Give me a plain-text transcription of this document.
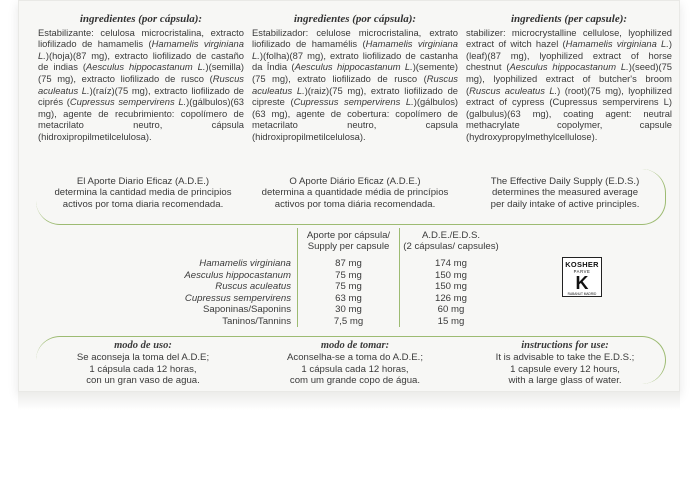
ingredientes (por cápsula):
Estabilizante: celulosa microcristalina, extracto liofilizado de hamamelis (Hamamelis virginiana L.)(hoja)(87 mg), extracto liofilizado de castaño de indias (Aesculus hippocastanum L.)(semilla)(75 mg), extracto liofilizado de rusco (Ruscus aculeatus L.)(raíz)(75 mg), extracto liofilizado de ciprés (Cupressus sempervirens L.)(gálbulos)(63 mg), agente de recubrimiento: copolímero de metacrilato neutro, cápsula (hidroxipropilmetilcelulosa).
ingredientes (por cápsula):
Estabilizador: celulose microcristalina, extrato liofilizado de hamamélis (Hamamelis virginiana L.)(folha)(87 mg), extrato liofilizado de castanha da Índia (Aesculus hippocastanum L.)(semente)(75 mg), extrato liofilizado de rusco (Ruscus aculeatus L.)(raiz)(75 mg), extrato liofilizado de cipreste (Cupressus sempervirens L.)(gálbulos)(63 mg), agente de cobertura: copolímero de metacrilato neutro, capsula (hidroxipropilmetilcelulosa).
ingredients (per capsule):
stabilizer: microcrystalline cellulose, lyophilized extract of witch hazel (Hamamelis virginiana L.)(leaf)(87 mg), lyophilized extract of horse chestnut (Aesculus hippocastanum L.)(seed)(75 mg), lyophilized extract of butcher's broom (Ruscus aculeatus L.) (root)(75 mg), lyophilized extract of cypress (Cupressus sempervirens L) (galbulus)(63 mg), coating agent: neutral methacrylate copolymer, capsule (hydroxypropylmethylcellulose).
El Aporte Diario Eficaz (A.D.E.)
determina la cantidad media de principios
activos por toma diaria recomendada.
O Aporte Diário Eficaz (A.D.E.)
determina a quantidade média de princípios
activos por toma diária recomendada.
The Effective Daily Supply (E.D.S.)
determines the measured average
per daily intake of active principles.
Aporte por cápsula/
Supply per capsule
A.D.E./E.D.S.
(2 cápsulas/ capsules)
Hamamelis virginiana	87 mg	174 mg
Aesculus hippocastanum	75 mg	150 mg
Ruscus aculeatus	75 mg	150 mg
Cupressus sempervirens	63 mg	126 mg
Saponinas/Saponins	30 mg	60 mg
Taninos/Tannins	7,5 mg	15 mg
KOSHER
PARVE
K
RABANUT MADRID
modo de uso:
Se aconseja la toma del A.D.E;
1 cápsula cada 12 horas,
con un gran vaso de agua.
modo de tomar:
Aconselha-se a toma do A.D.E.;
1 cápsula cada 12 horas,
com um grande copo de água.
instructions for use:
It is advisable to take the E.D.S.;
1 capsule every 12 hours,
with a large glass of water.
